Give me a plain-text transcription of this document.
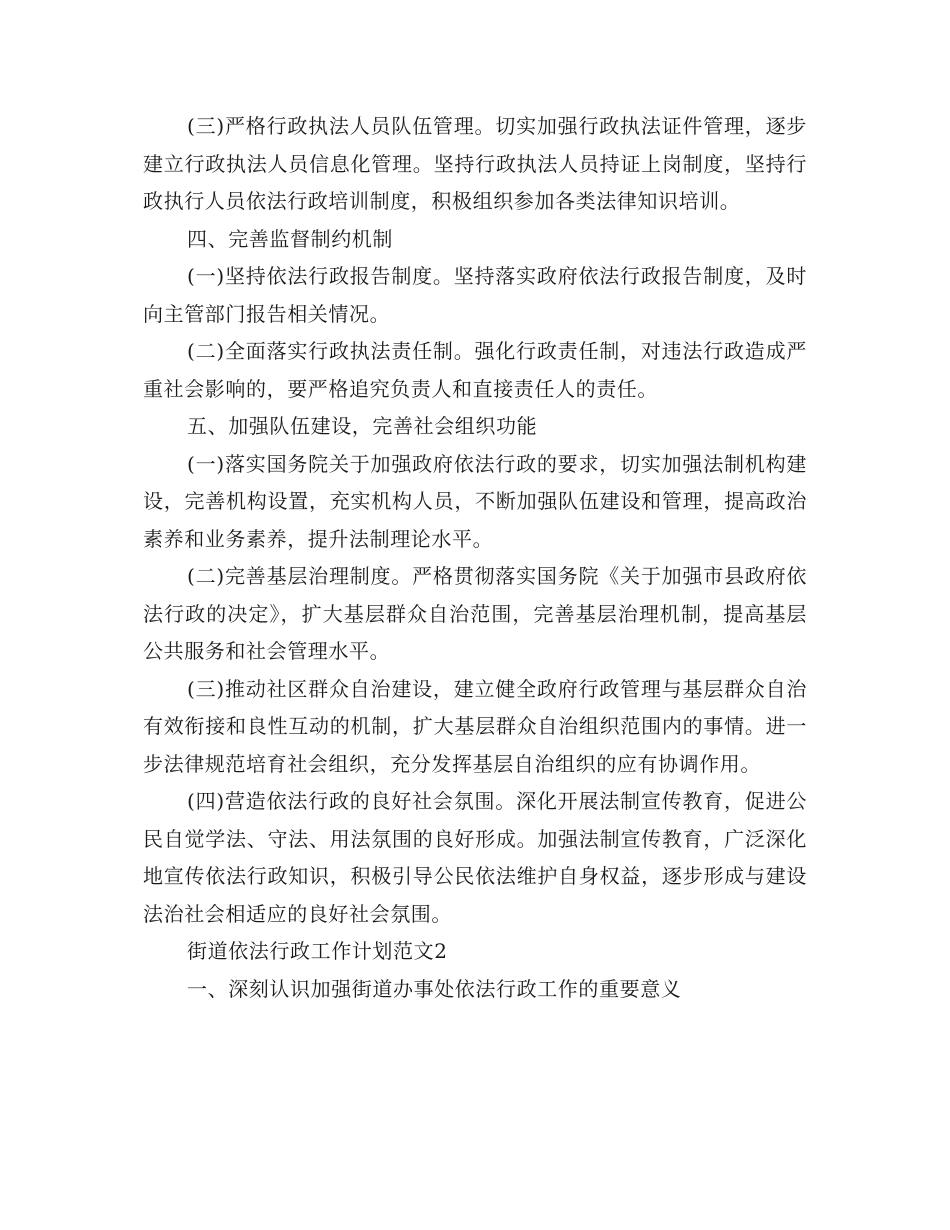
(三)严格行政执法人员队伍管理。切实加强行政执法证件管理，逐步建立行政执法人员信息化管理。坚持行政执法人员持证上岗制度，坚持行政执行人员依法行政培训制度，积极组织参加各类法律知识培训。

四、完善监督制约机制

(一)坚持依法行政报告制度。坚持落实政府依法行政报告制度，及时向主管部门报告相关情况。

(二)全面落实行政执法责任制。强化行政责任制，对违法行政造成严重社会影响的，要严格追究负责人和直接责任人的责任。

五、加强队伍建设，完善社会组织功能

(一)落实国务院关于加强政府依法行政的要求，切实加强法制机构建设，完善机构设置，充实机构人员，不断加强队伍建设和管理，提高政治素养和业务素养，提升法制理论水平。

(二)完善基层治理制度。严格贯彻落实国务院《关于加强市县政府依法行政的决定》，扩大基层群众自治范围，完善基层治理机制，提高基层公共服务和社会管理水平。

(三)推动社区群众自治建设，建立健全政府行政管理与基层群众自治有效衔接和良性互动的机制，扩大基层群众自治组织范围内的事情。进一步法律规范培育社会组织，充分发挥基层自治组织的应有协调作用。

(四)营造依法行政的良好社会氛围。深化开展法制宣传教育，促进公民自觉学法、守法、用法氛围的良好形成。加强法制宣传教育，广泛深化地宣传依法行政知识，积极引导公民依法维护自身权益，逐步形成与建设法治社会相适应的良好社会氛围。

街道依法行政工作计划范文2

一、深刻认识加强街道办事处依法行政工作的重要意义
